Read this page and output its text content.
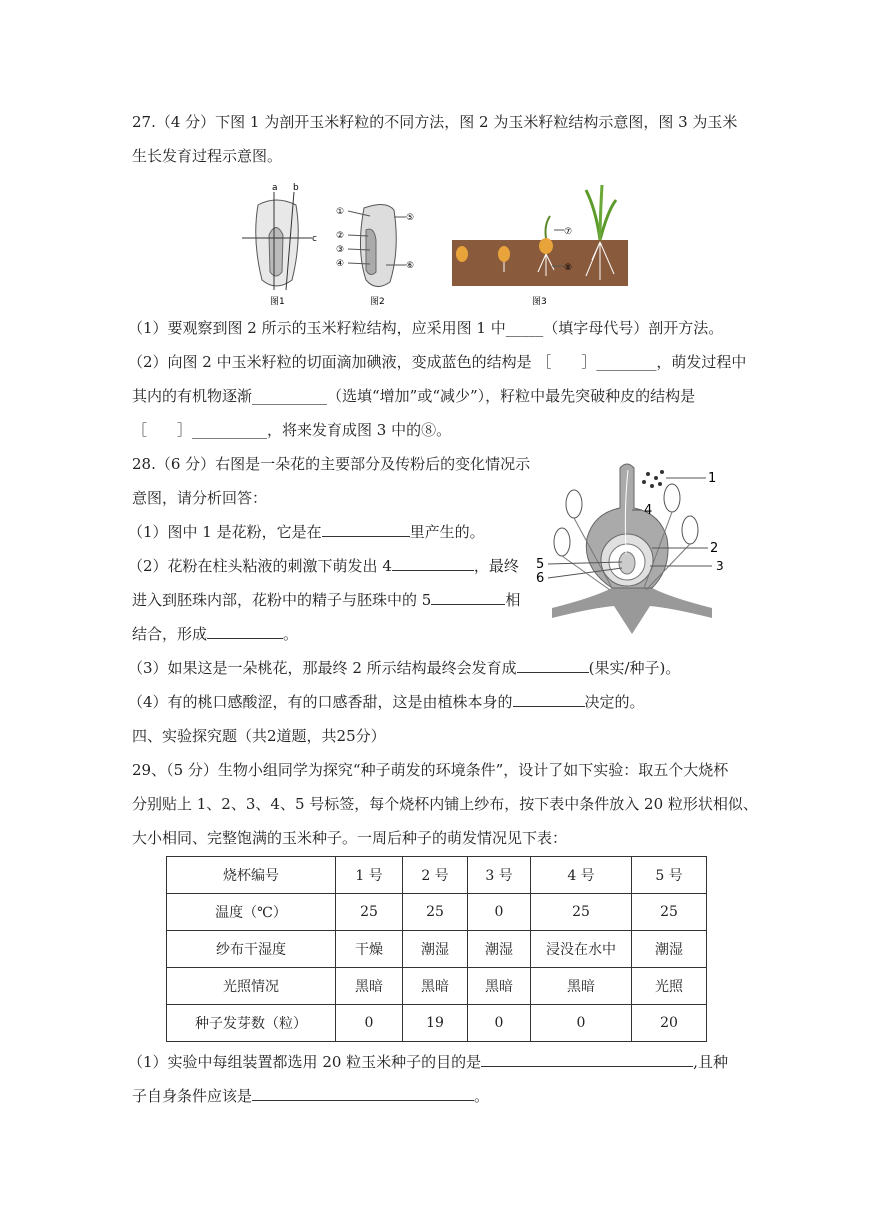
27.（4 分）下图 1 为剖开玉米籽粒的不同方法，图 2 为玉米籽粒结构示意图，图 3 为玉米
生长发育过程示意图。
a b
c
图1
①
②
③
④
⑤
⑥
图2
⑦
⑧
图3
（1）要观察到图 2 所示的玉米籽粒结构，应采用图 1 中_____（填字母代号）剖开方法。
（2）向图 2 中玉米籽粒的切面滴加碘液，变成蓝色的结构是 ［　　］________，萌发过程中
其内的有机物逐渐__________（选填“增加”或“减少”），籽粒中最先突破种皮的结构是
［　　］__________，将来发育成图 3 中的⑧。
28.（6 分）右图是一朵花的主要部分及传粉后的变化情况示
意图，请分析回答：
（1）图中 1 是花粉，它是在	里产生的。
（2）花粉在柱头粘液的刺激下萌发出 4	，最终
进入到胚珠内部，花粉中的精子与胚珠中的 5	相
结合，形成	。
1
2
3
4
5
6
（3）如果这是一朵桃花，那最终 2 所示结构最终会发育成	(果实/种子)。
（4）有的桃口感酸涩，有的口感香甜，这是由植株本身的	决定的。
四、实验探究题（共2道题，共25分）
29、（5 分）生物小组同学为探究“种子萌发的环境条件”，设计了如下实验：取五个大烧杯
分别贴上 1、2、3、4、5 号标签，每个烧杯内铺上纱布，按下表中条件放入 20 粒形状相似、
大小相同、完整饱满的玉米种子。一周后种子的萌发情况见下表：
烧杯编号	1 号	2 号	3 号	4 号	5 号
温度（℃）	25	25	0	25	25
纱布干湿度	干燥	潮湿	潮湿	浸没在水中	潮湿
光照情况	黑暗	黑暗	黑暗	黑暗	光照
种子发芽数（粒）	0	19	0	0	20
（1）实验中每组装置都选用 20 粒玉米种子的目的是	,且种
子自身条件应该是	。
